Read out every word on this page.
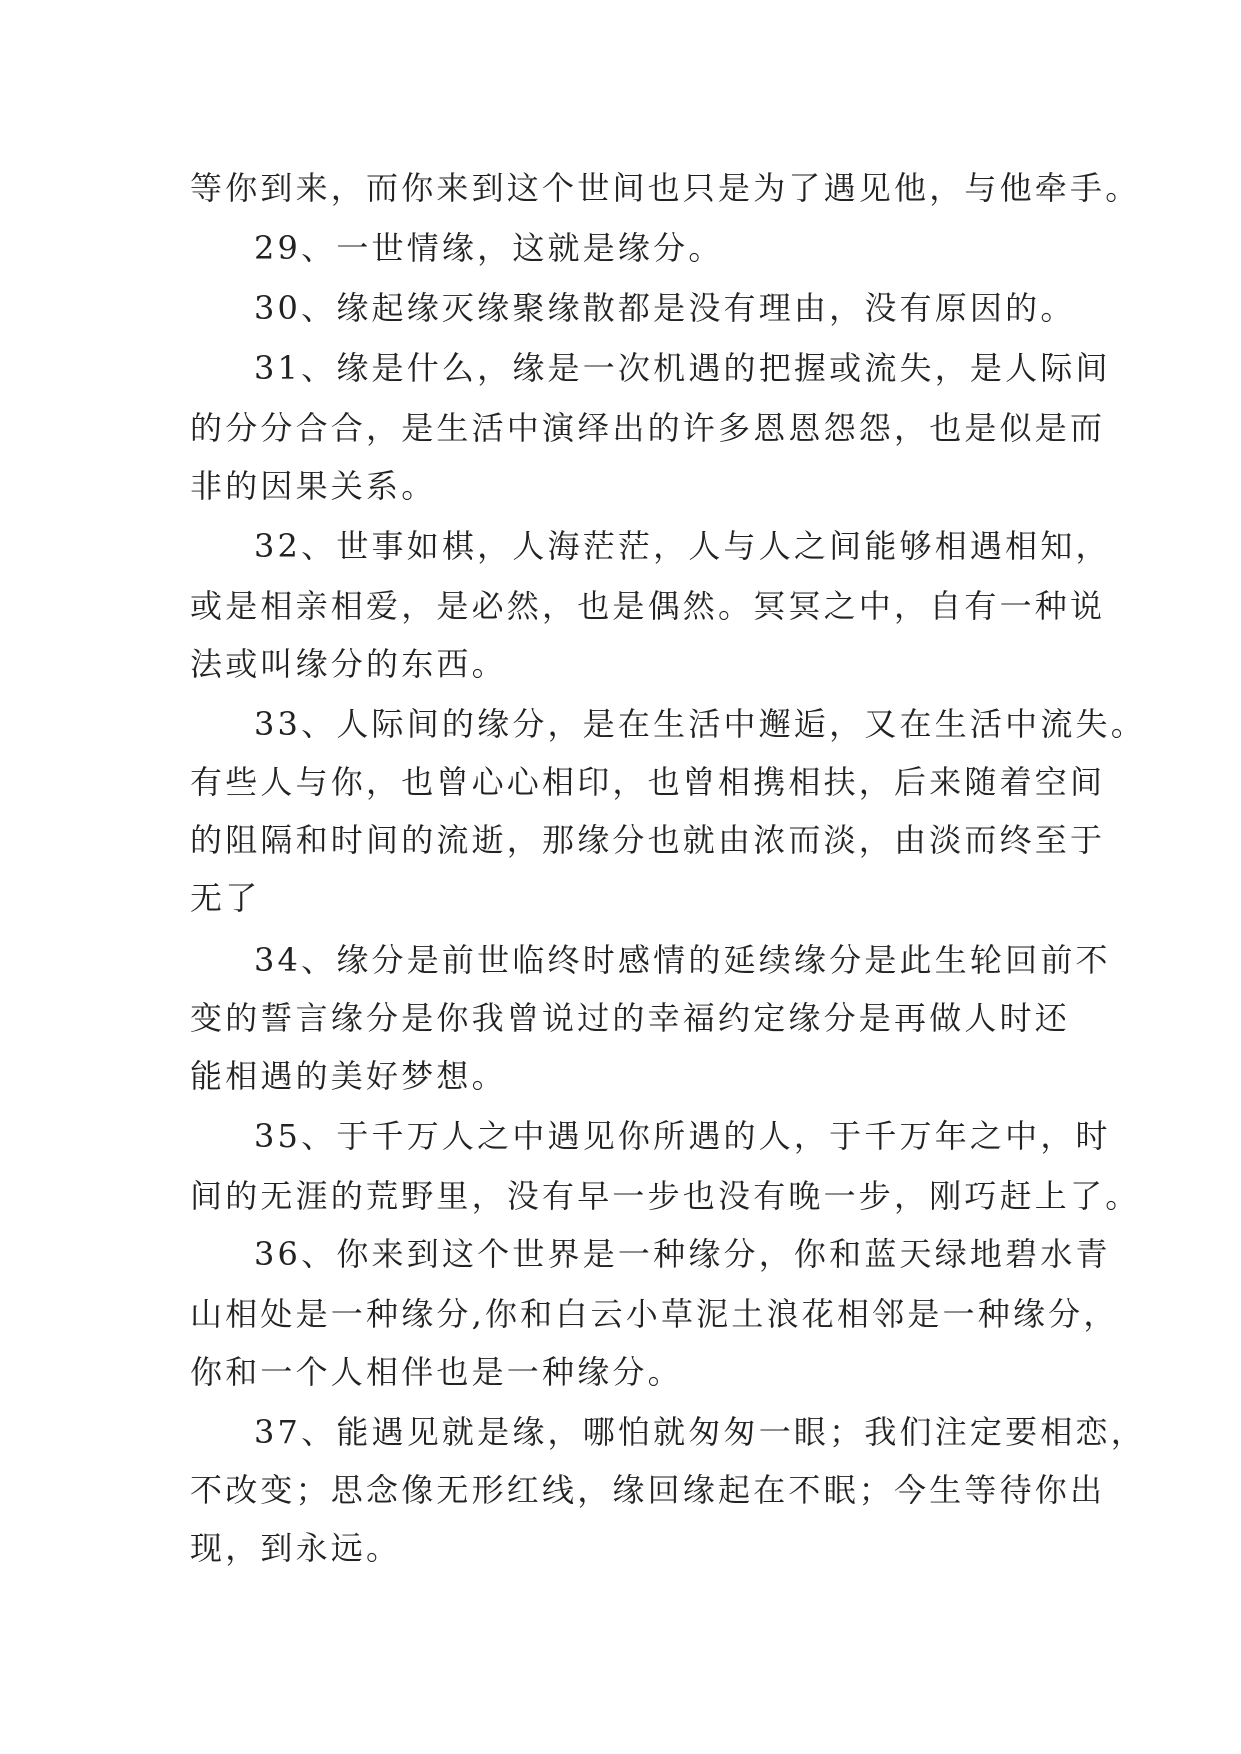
等你到来，而你来到这个世间也只是为了遇见他，与他牵手。
29、一世情缘，这就是缘分。
30、缘起缘灭缘聚缘散都是没有理由，没有原因的。
31、缘是什么，缘是一次机遇的把握或流失，是人际间
的分分合合，是生活中演绎出的许多恩恩怨怨，也是似是而
非的因果关系。
32、世事如棋，人海茫茫，人与人之间能够相遇相知，
或是相亲相爱，是必然，也是偶然。冥冥之中，自有一种说
法或叫缘分的东西。
33、人际间的缘分，是在生活中邂逅，又在生活中流失。
有些人与你，也曾心心相印，也曾相携相扶，后来随着空间
的阻隔和时间的流逝，那缘分也就由浓而淡，由淡而终至于
无了
34、缘分是前世临终时感情的延续缘分是此生轮回前不
变的誓言缘分是你我曾说过的幸福约定缘分是再做人时还
能相遇的美好梦想。
35、于千万人之中遇见你所遇的人，于千万年之中，时
间的无涯的荒野里，没有早一步也没有晚一步，刚巧赶上了。
36、你来到这个世界是一种缘分，你和蓝天绿地碧水青
山相处是一种缘分,你和白云小草泥土浪花相邻是一种缘分，
你和一个人相伴也是一种缘分。
37、能遇见就是缘，哪怕就匆匆一眼；我们注定要相恋，
不改变；思念像无形红线，缘回缘起在不眠；今生等待你出
现，到永远。
